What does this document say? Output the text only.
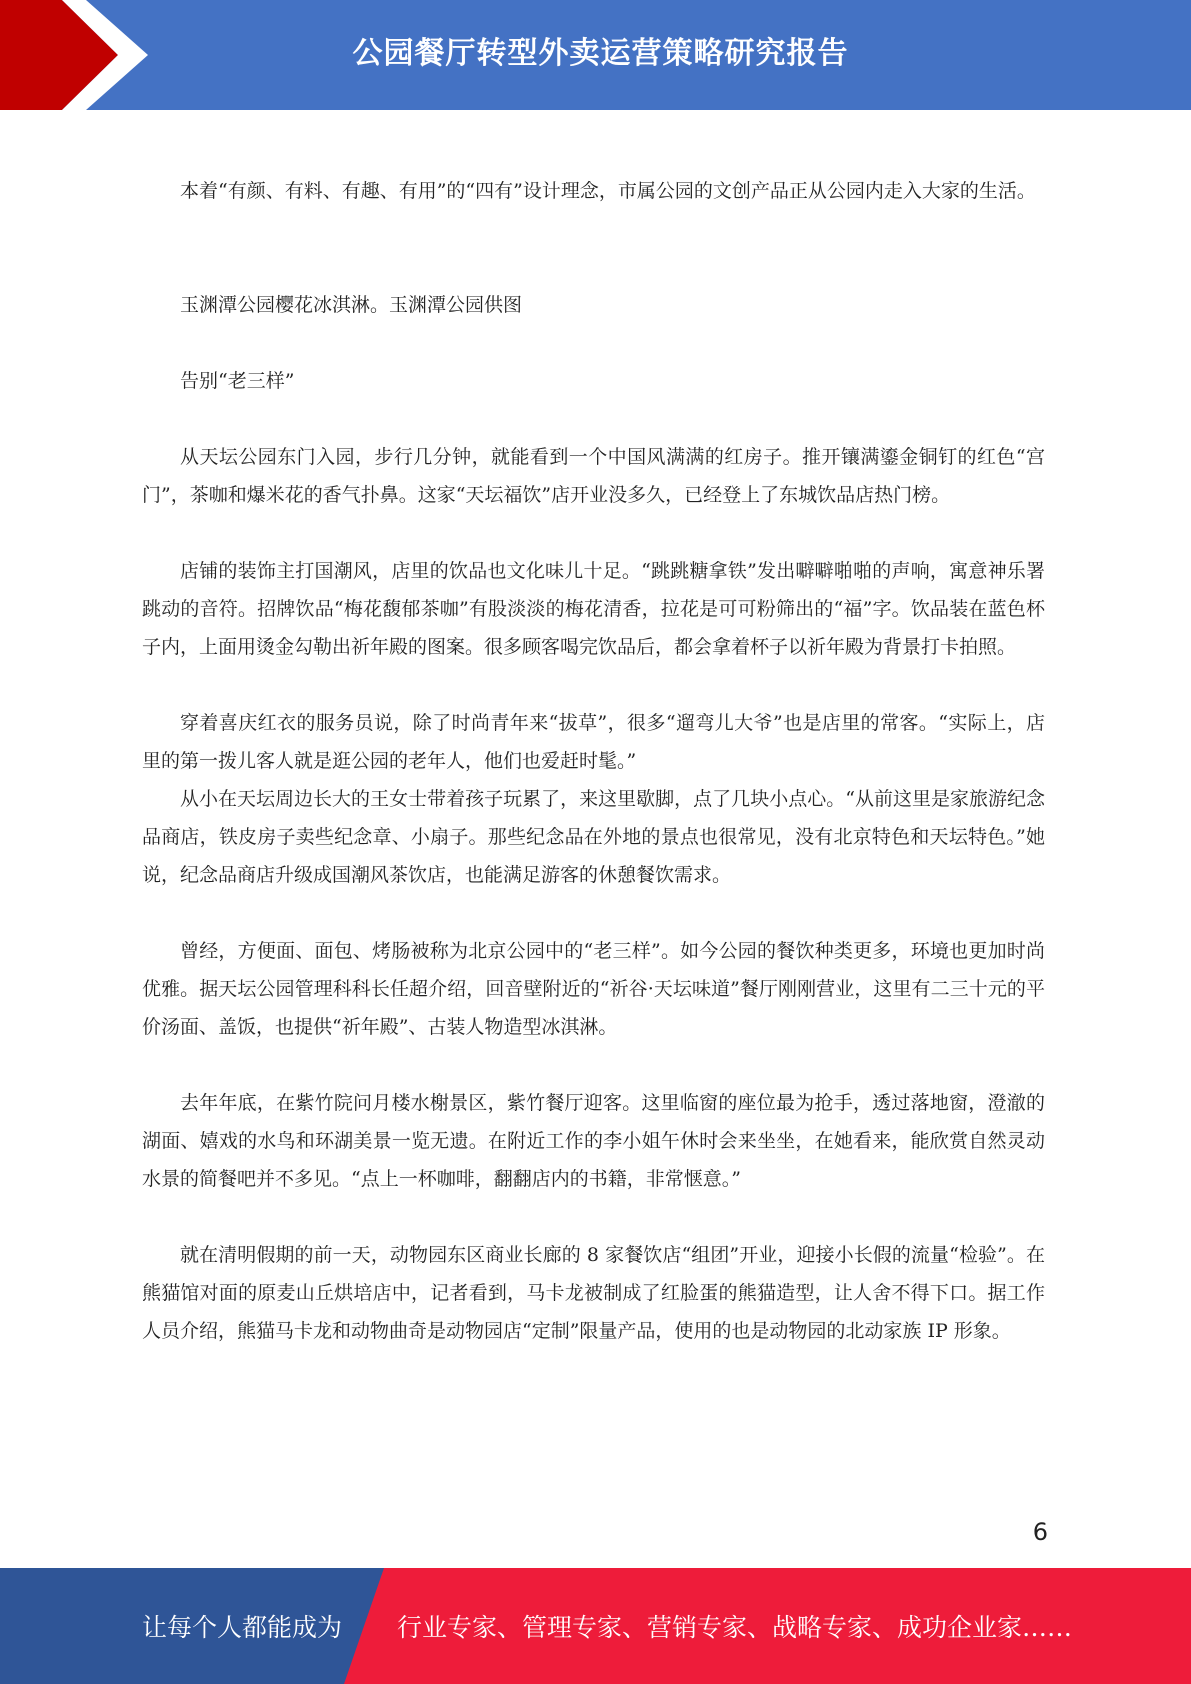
公园餐厅转型外卖运营策略研究报告

本着“有颜、有料、有趣、有用”的“四有”设计理念，市属公园的文创产品正从公园内走入大家的生活。

玉渊潭公园樱花冰淇淋。玉渊潭公园供图

告别“老三样”

从天坛公园东门入园，步行几分钟，就能看到一个中国风满满的红房子。推开镶满鎏金铜钉的红色“宫门”，茶咖和爆米花的香气扑鼻。这家“天坛福饮”店开业没多久，已经登上了东城饮品店热门榜。

店铺的装饰主打国潮风，店里的饮品也文化味儿十足。“跳跳糖拿铁”发出噼噼啪啪的声响，寓意神乐署跳动的音符。招牌饮品“梅花馥郁茶咖”有股淡淡的梅花清香，拉花是可可粉筛出的“福”字。饮品装在蓝色杯子内，上面用烫金勾勒出祈年殿的图案。很多顾客喝完饮品后，都会拿着杯子以祈年殿为背景打卡拍照。

穿着喜庆红衣的服务员说，除了时尚青年来“拔草”，很多“遛弯儿大爷”也是店里的常客。“实际上，店里的第一拨儿客人就是逛公园的老年人，他们也爱赶时髦。”

从小在天坛周边长大的王女士带着孩子玩累了，来这里歇脚，点了几块小点心。“从前这里是家旅游纪念品商店，铁皮房子卖些纪念章、小扇子。那些纪念品在外地的景点也很常见，没有北京特色和天坛特色。”她说，纪念品商店升级成国潮风茶饮店，也能满足游客的休憩餐饮需求。

曾经，方便面、面包、烤肠被称为北京公园中的“老三样”。如今公园的餐饮种类更多，环境也更加时尚优雅。据天坛公园管理科科长任超介绍，回音壁附近的“祈谷·天坛味道”餐厅刚刚营业，这里有二三十元的平价汤面、盖饭，也提供“祈年殿”、古装人物造型冰淇淋。

去年年底，在紫竹院问月楼水榭景区，紫竹餐厅迎客。这里临窗的座位最为抢手，透过落地窗，澄澈的湖面、嬉戏的水鸟和环湖美景一览无遗。在附近工作的李小姐午休时会来坐坐，在她看来，能欣赏自然灵动水景的简餐吧并不多见。“点上一杯咖啡，翻翻店内的书籍，非常惬意。”

就在清明假期的前一天，动物园东区商业长廊的 8 家餐饮店“组团”开业，迎接小长假的流量“检验”。在熊猫馆对面的原麦山丘烘培店中，记者看到，马卡龙被制成了红脸蛋的熊猫造型，让人舍不得下口。据工作人员介绍，熊猫马卡龙和动物曲奇是动物园店“定制”限量产品，使用的也是动物园的北动家族 IP 形象。

6
让每个人都能成为 行业专家、管理专家、营销专家、战略专家、成功企业家……
